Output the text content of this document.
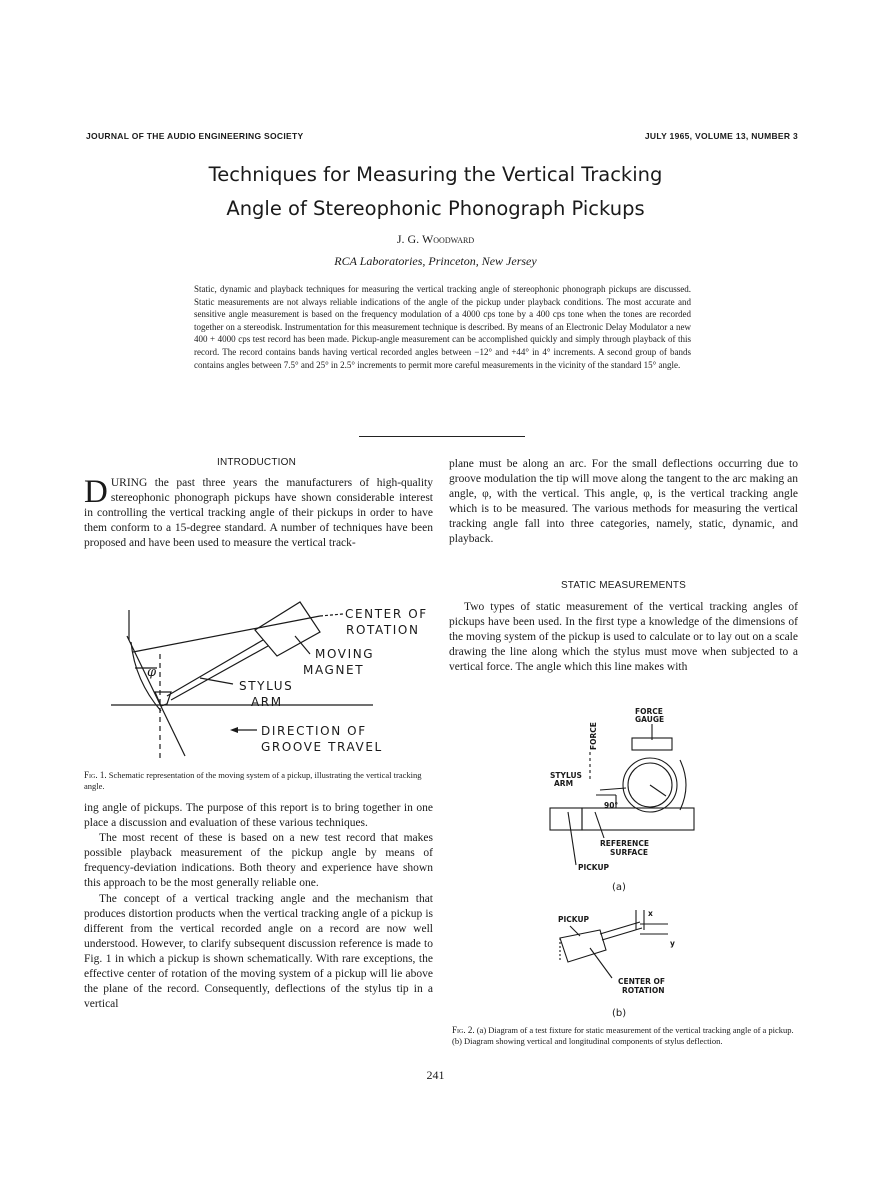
JOURNAL OF THE AUDIO ENGINEERING SOCIETY	JULY 1965, VOLUME 13, NUMBER 3
Techniques for Measuring the Vertical Tracking
Angle of Stereophonic Phonograph Pickups
J. G. Woodward
RCA Laboratories, Princeton, New Jersey
Static, dynamic and playback techniques for measuring the vertical tracking angle of stereophonic phonograph pickups are discussed. Static measurements are not always reliable indications of the angle of the pickup under playback conditions. The most accurate and sensitive angle measurement is based on the frequency modulation of a 4000 cps tone by a 400 cps tone when the tones are recorded together on a stereodisk. Instrumentation for this measurement technique is described. By means of an Electronic Delay Modulator a new 400 + 4000 cps test record has been made. Pickup-angle measurement can be accomplished quickly and simply through playback of this record. The record contains bands having vertical recorded angles between −12° and +44° in 4° increments. A second group of bands contains angles between 7.5° and 25° in 2.5° increments to permit more careful measurements in the vicinity of the standard 15° angle.
INTRODUCTION

DURING the past three years the manufacturers of high-quality stereophonic phonograph pickups have shown considerable interest in controlling the vertical tracking angle of their pickups in order to have them conform to a 15-degree standard. A number of techniques have been proposed and have been used to measure the vertical track-

φ
CENTER OF
ROTATION
MOVING
MAGNET
STYLUS
ARM
DIRECTION OF
GROOVE TRAVEL
Fig. 1. Schematic representation of the moving system of a pickup, illustrating the vertical tracking angle.

ing angle of pickups. The purpose of this report is to bring together in one place a discussion and evaluation of these various techniques.

The most recent of these is based on a new test record that makes possible playback measurement of the pickup angle by means of frequency-deviation indications. Both theory and experience have shown this approach to be the most generally reliable one.

The concept of a vertical tracking angle and the mechanism that produces distortion products when the vertical tracking angle of a pickup is different from the vertical recorded angle on a record are now well understood. However, to clarify subsequent discussion reference is made to Fig. 1 in which a pickup is shown schematically. With rare exceptions, the effective center of rotation of the moving system of a pickup will lie above the plane of the record. Consequently, deflections of the stylus tip in a vertical

plane must be along an arc. For the small deflections occurring due to groove modulation the tip will move along the tangent to the arc making an angle, φ, with the vertical. This angle, φ, is the vertical tracking angle which is to be measured. The various methods for measuring the vertical tracking angle fall into three categories, namely, static, dynamic, and playback.
STATIC MEASUREMENTS

Two types of static measurement of the vertical tracking angles of pickups have been used. In the first type a knowledge of the dimensions of the moving system of the pickup is used to calculate or to lay out on a scale drawing the line along which the stylus must move when subjected to a vertical force. The angle which this line makes with

FORCE
GAUGE
FORCE
STYLUS
ARM
90°
REFERENCE
SURFACE
PICKUP
(a)
PICKUP
x
y
CENTER OF
ROTATION
(b)
Fig. 2. (a) Diagram of a test fixture for static measurement of the vertical tracking angle of a pickup. (b) Diagram showing vertical and longitudinal components of stylus deflection.
241
